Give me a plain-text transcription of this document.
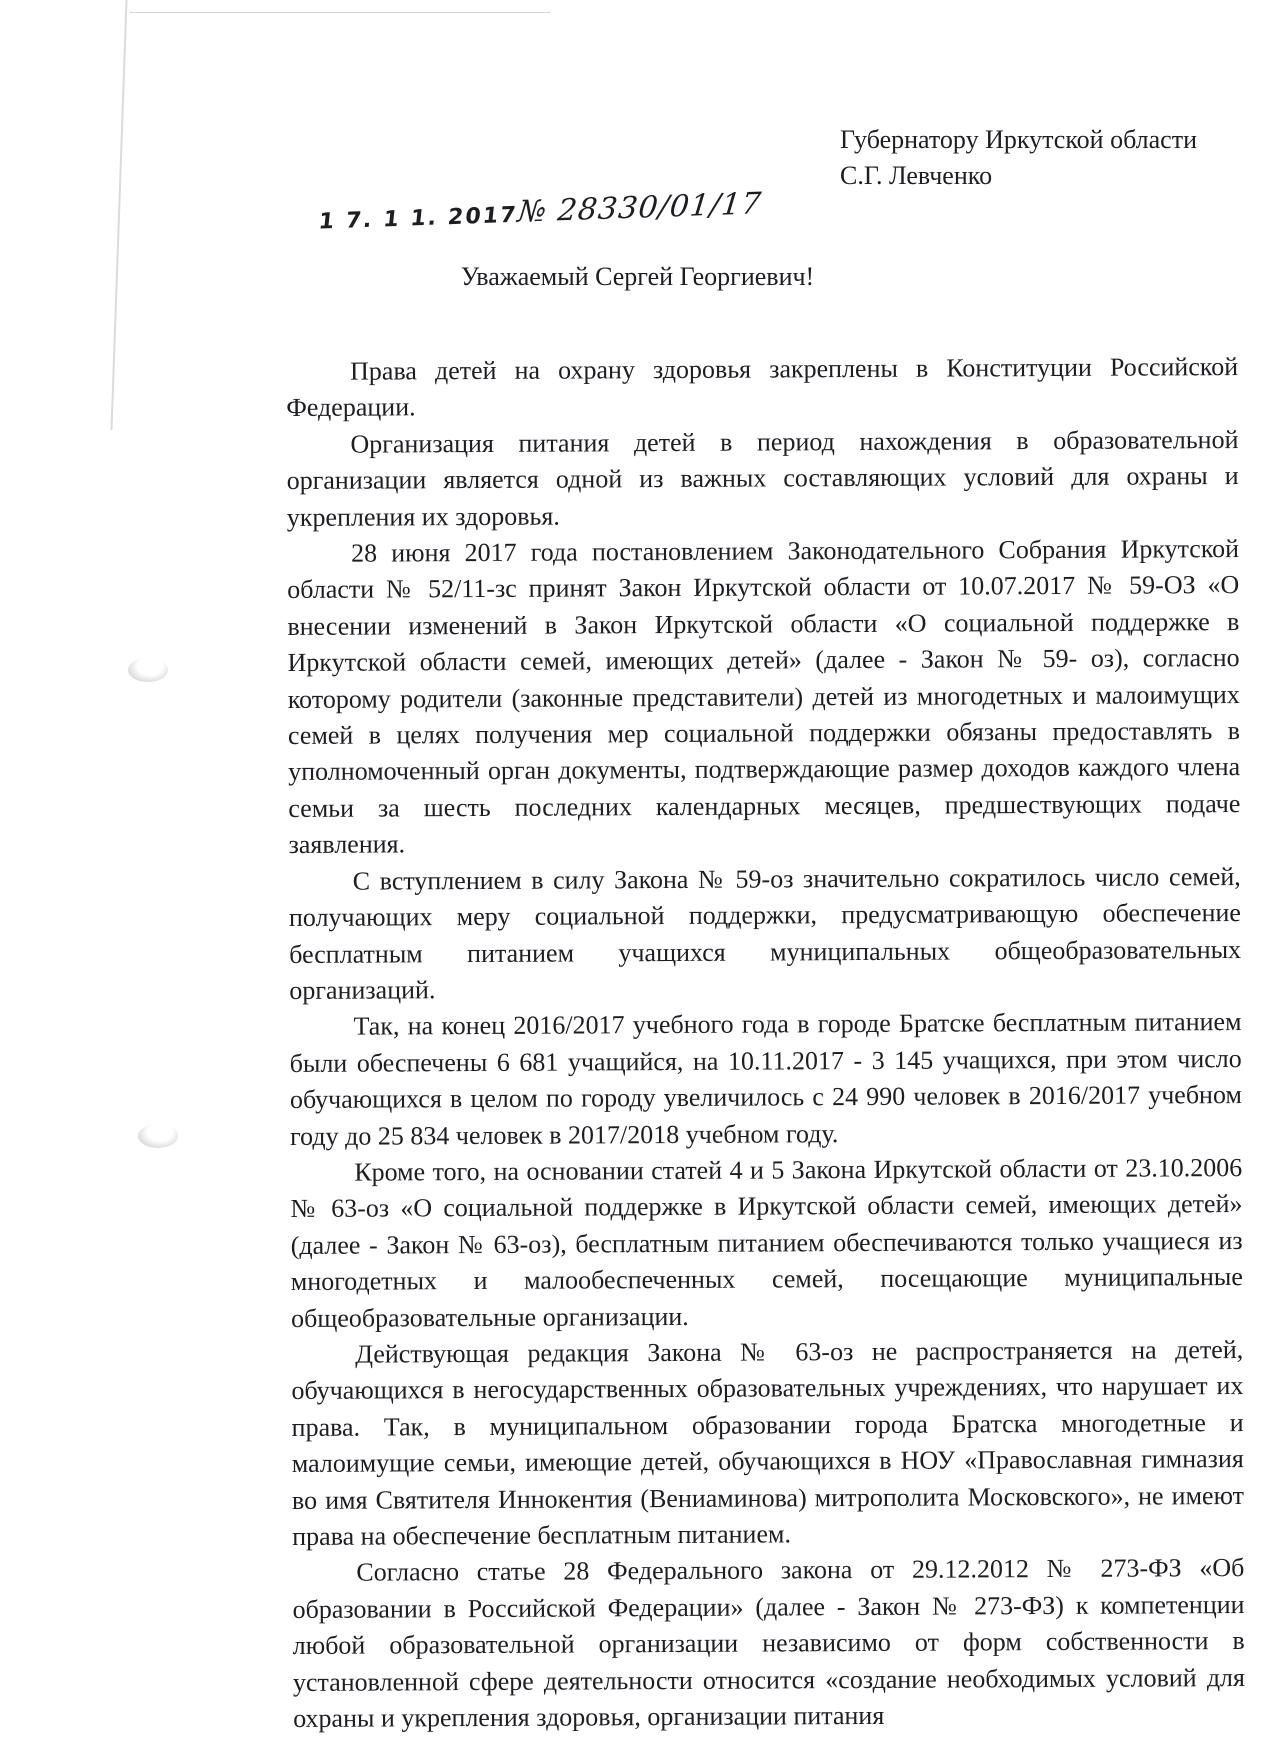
Губернатору Иркутской области
С.Г. Левченко
1 7. 1 1. 2017№ 28330/01/17
Уважаемый Сергей Георгиевич!

Права детей на охрану здоровья закреплены в Конституции Российской Федерации.

Организация питания детей в период нахождения в образовательной организации является одной из важных составляющих условий для охраны и укрепления их здоровья.

28 июня 2017 года постановлением Законодательного Собрания Иркутской области № 52/11-зс принят Закон Иркутской области от 10.07.2017 № 59-ОЗ «О внесении изменений в Закон Иркутской области «О социальной поддержке в Иркутской области семей, имеющих детей» (далее - Закон № 59- оз), согласно которому родители (законные представители) детей из многодетных и малоимущих семей в целях получения мер социальной поддержки обязаны предоставлять в уполномоченный орган документы, подтверждающие размер доходов каждого члена семьи за шесть последних календарных месяцев, предшествующих подаче заявления.

С вступлением в силу Закона № 59-оз значительно сократилось число семей, получающих меру социальной поддержки, предусматривающую обеспечение бесплатным питанием учащихся муниципальных общеобразовательных организаций.

Так, на конец 2016/2017 учебного года в городе Братске бесплатным питанием были обеспечены 6 681 учащийся, на 10.11.2017 - 3 145 учащихся, при этом число обучающихся в целом по городу увеличилось с 24 990 человек в 2016/2017 учебном году до 25 834 человек в 2017/2018 учебном году.

Кроме того, на основании статей 4 и 5 Закона Иркутской области от 23.10.2006 № 63-оз «О социальной поддержке в Иркутской области семей, имеющих детей» (далее - Закон № 63-оз), бесплатным питанием обеспечиваются только учащиеся из многодетных и малообеспеченных семей, посещающие муниципальные общеобразовательные организации.

Действующая редакция Закона № 63-оз не распространяется на детей, обучающихся в негосударственных образовательных учреждениях, что нарушает их права. Так, в муниципальном образовании города Братска многодетные и малоимущие семьи, имеющие детей, обучающихся в НОУ «Православная гимназия во имя Святителя Иннокентия (Вениаминова) митрополита Московского», не имеют права на обеспечение бесплатным питанием.

Согласно статье 28 Федерального закона от 29.12.2012 № 273-ФЗ «Об образовании в Российской Федерации» (далее - Закон № 273-ФЗ) к компетенции любой образовательной организации независимо от форм собственности в установленной сфере деятельности относится «создание необходимых условий для охраны и укрепления здоровья, организации питания
